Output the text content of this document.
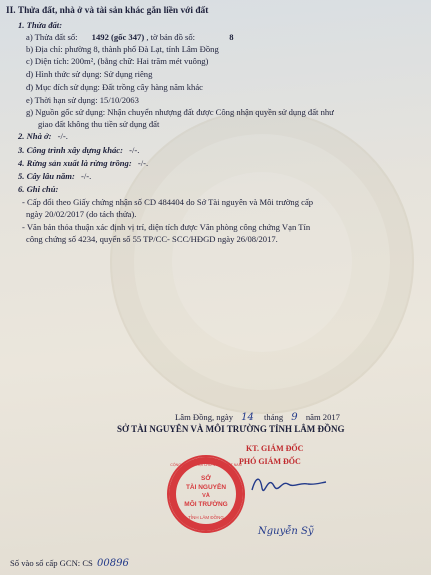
II. Thửa đất, nhà ở và tài sản khác gắn liền với đất
1. Thửa đất:
a) Thửa đất số: 1492 (gốc 347) , tờ bản đồ số:	8
b) Địa chỉ: phường 8, thành phố Đà Lạt, tỉnh Lâm Đồng
c) Diện tích: 200m², (bằng chữ: Hai trăm mét vuông)
d) Hình thức sử dụng: Sử dụng riêng
đ) Mục đích sử dụng: Đất trồng cây hàng năm khác
e) Thời hạn sử dụng: 15/10/2063
g) Nguồn gốc sử dụng: Nhận chuyển nhượng đất được Công nhận quyền sử dụng đất như
giao đất không thu tiền sử dụng đất
2. Nhà ở: -/-.
3. Công trình xây dựng khác: -/-.
4. Rừng sản xuất là rừng trồng: -/-.
5. Cây lâu năm: -/-.
6. Ghi chú:
- Cấp đổi theo Giấy chứng nhận số CD 484404 do Sở Tài nguyên và Môi trường cấp
ngày 20/02/2017 (do tách thửa).
- Văn bản thỏa thuận xác định vị trí, diện tích được Văn phòng công chứng Vạn Tín
công chứng số 4234, quyển số 55 TP/CC- SCC/HĐGD ngày 26/08/2017.
Lâm Đồng, ngày 14 tháng 9 năm 2017
SỞ TÀI NGUYÊN VÀ MÔI TRƯỜNG TỈNH LÂM ĐỒNG
KT. GIÁM ĐỐC
PHÓ GIÁM ĐỐC
CỘNG HÒA XÃ HỘI CHỦ NGHĨA VIỆT NAM
SỞ
TÀI NGUYÊN
VÀ
MÔI TRƯỜNG
TỈNH LÂM ĐỒNG
Nguyễn Sỹ
Số vào sổ cấp GCN: CS 00896
